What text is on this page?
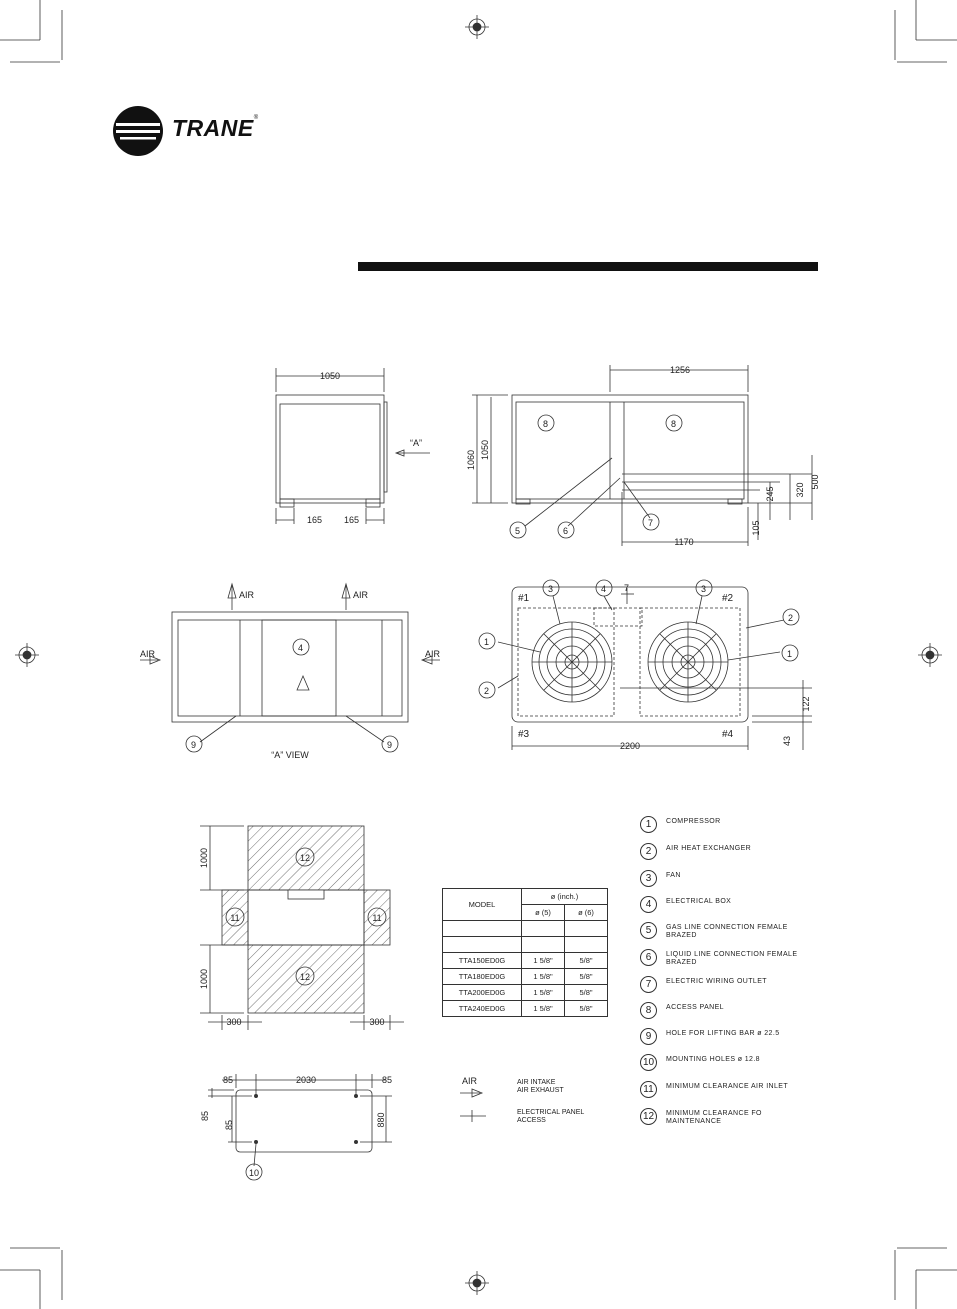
TRANE®
1050
165 165
“A”
1256
1060 1050
245 320
500
105
1170
8	8
5	6
7
AIR	AIR
AIR	AIR
“A” VIEW
4
9	9
#1	#2
#3	#4
2200
122
43
3	4 7	3
2
1
1
2
1000
1000
300	300
12
11	11
12
85	2030	85
85
85	880
10
AIR	AIR INTAKE
AIR EXHAUST
ELECTRICAL PANEL
ACCESS
MODEL	ø (inch.)	
	ø (5)	ø (6)

TTA150ED0G	1 5/8"	5/8"
TTA180ED0G	1 5/8"	5/8"
TTA200ED0G	1 5/8"	5/8"
TTA240ED0G	1 5/8"	5/8"
1	COMPRESSOR
2	AIR HEAT EXCHANGER
3	FAN
4	ELECTRICAL BOX
5	GAS LINE CONNECTION FEMALE BRAZED
6	LIQUID LINE CONNECTION FEMALE BRAZED
7	ELECTRIC WIRING OUTLET
8	ACCESS PANEL
9	HOLE FOR LIFTING BAR ø 22.5
10	MOUNTING HOLES ø 12.8
11	MINIMUM CLEARANCE AIR INLET
12	MINIMUM CLEARANCE FO MAINTENANCE
